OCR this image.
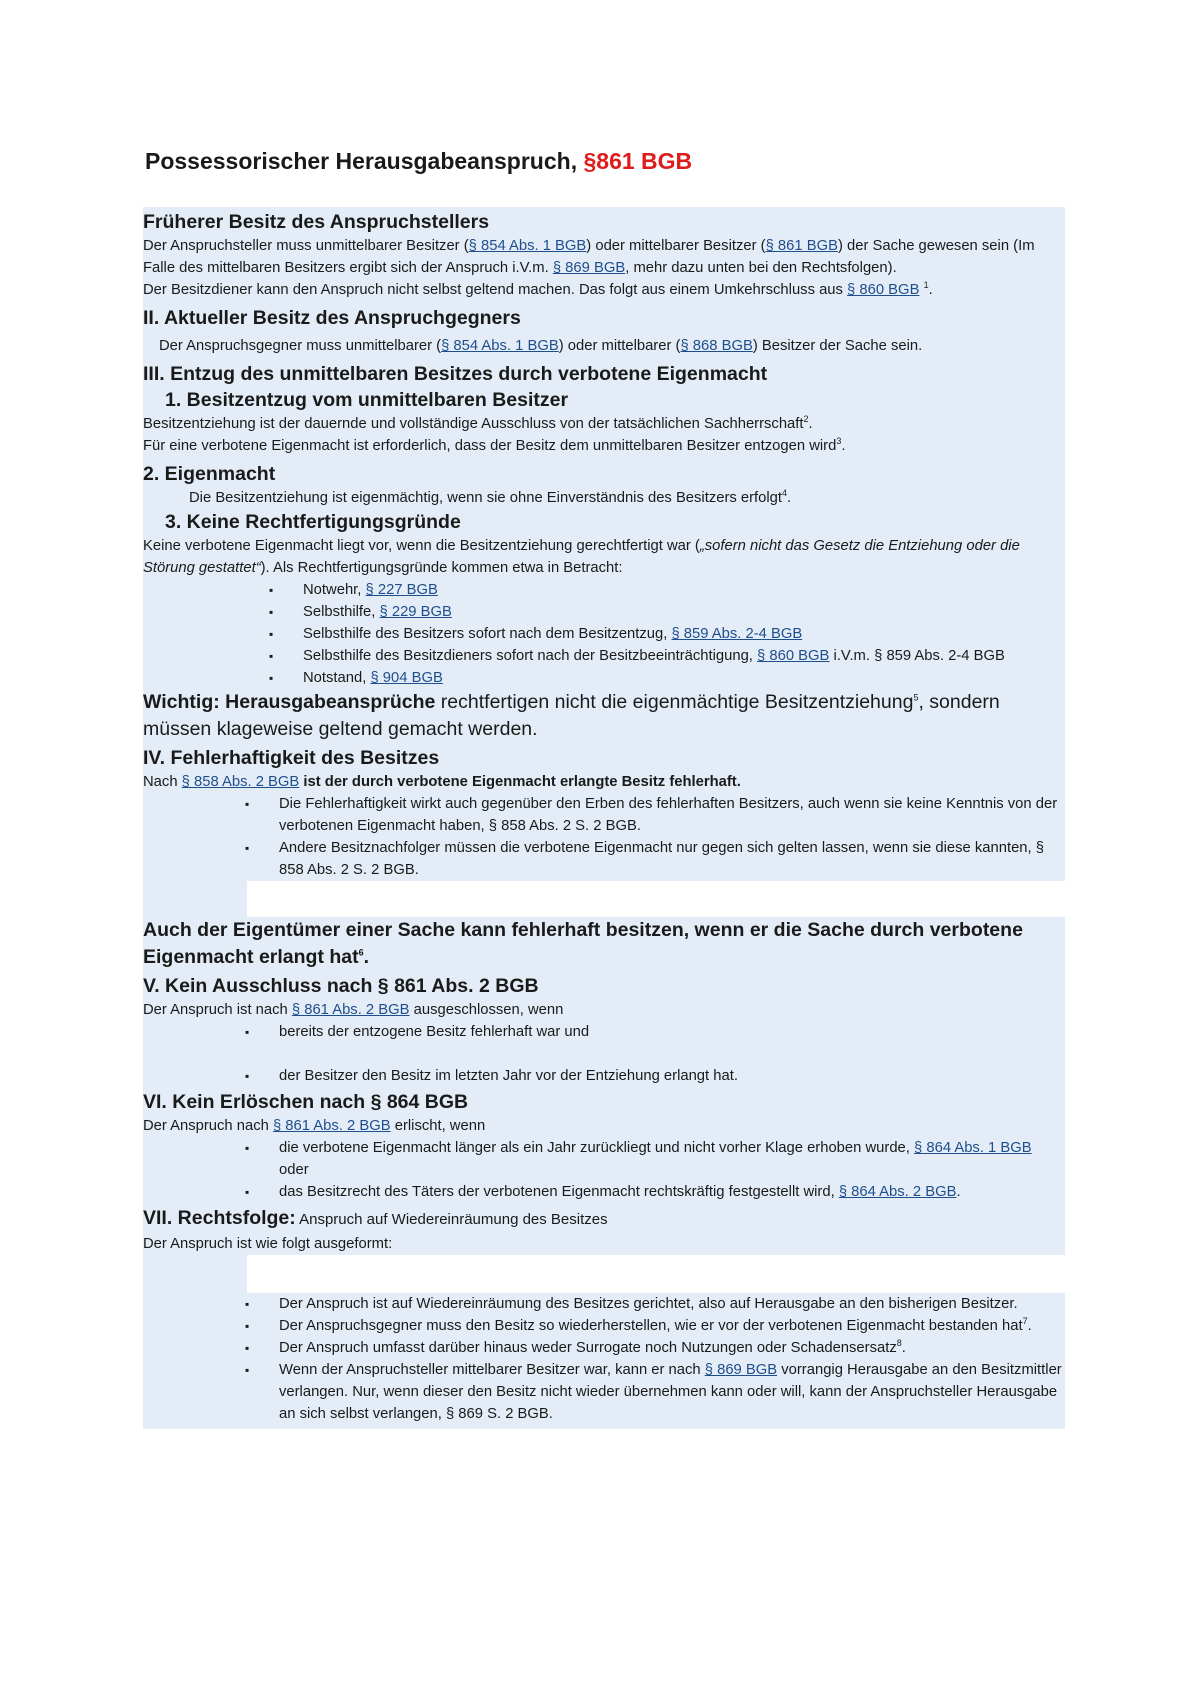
Possessorischer Herausgabeanspruch, §861 BGB
Früherer Besitz des Anspruchstellers

Der Anspruchsteller muss unmittelbarer Besitzer (§ 854 Abs. 1 BGB) oder mittelbarer Besitzer (§ 861 BGB) der Sache gewesen sein (Im Falle des mittelbaren Besitzers ergibt sich der Anspruch i.V.m. § 869 BGB, mehr dazu unten bei den Rechtsfolgen).

Der Besitzdiener kann den Anspruch nicht selbst geltend machen. Das folgt aus einem Umkehrschluss aus § 860 BGB $^1$.

II. Aktueller Besitz des Anspruchgegners

Der Anspruchsgegner muss unmittelbarer (§ 854 Abs. 1 BGB) oder mittelbarer (§ 868 BGB) Besitzer der Sache sein.

III. Entzug des unmittelbaren Besitzes durch verbotene Eigenmacht
1. Besitzentzug vom unmittelbaren Besitzer

Besitzentziehung ist der dauernde und vollständige Ausschluss von der tatsächlichen Sachherrschaft$^2$.

Für eine verbotene Eigenmacht ist erforderlich, dass der Besitz dem unmittelbaren Besitzer entzogen wird$^3$.

2. Eigenmacht

Die Besitzentziehung ist eigenmächtig, wenn sie ohne Einverständnis des Besitzers erfolgt$^4$.

3. Keine Rechtfertigungsgründe

Keine verbotene Eigenmacht liegt vor, wenn die Besitzentziehung gerechtfertigt war („sofern nicht das Gesetz die Entziehung oder die Störung gestattet“). Als Rechtfertigungsgründe kommen etwa in Betracht:

▪ Notwehr, § 227 BGB
▪ Selbsthilfe, § 229 BGB
▪ Selbsthilfe des Besitzers sofort nach dem Besitzentzug, § 859 Abs. 2-4 BGB
▪ Selbsthilfe des Besitzdieners sofort nach der Besitzbeeinträchtigung, § 860 BGB i.V.m. § 859 Abs. 2-4 BGB
▪ Notstand, § 904 BGB

Wichtig: Herausgabeansprüche rechtfertigen nicht die eigenmächtige Besitzentziehung$^5$, sondern müssen klageweise geltend gemacht werden.

IV. Fehlerhaftigkeit des Besitzes

Nach § 858 Abs. 2 BGB ist der durch verbotene Eigenmacht erlangte Besitz fehlerhaft.

▪ Die Fehlerhaftigkeit wirkt auch gegenüber den Erben des fehlerhaften Besitzers, auch wenn sie keine Kenntnis von der verbotenen Eigenmacht haben, § 858 Abs. 2 S. 2 BGB.
▪ Andere Besitznachfolger müssen die verbotene Eigenmacht nur gegen sich gelten lassen, wenn sie diese kannten, § 858 Abs. 2 S. 2 BGB.

Auch der Eigentümer einer Sache kann fehlerhaft besitzen, wenn er die Sache durch verbotene Eigenmacht erlangt hat$^6$.

V. Kein Ausschluss nach § 861 Abs. 2 BGB

Der Anspruch ist nach § 861 Abs. 2 BGB ausgeschlossen, wenn

▪ bereits der entzogene Besitz fehlerhaft war und
▪ der Besitzer den Besitz im letzten Jahr vor der Entziehung erlangt hat.
VI. Kein Erlöschen nach § 864 BGB

Der Anspruch nach § 861 Abs. 2 BGB erlischt, wenn

▪ die verbotene Eigenmacht länger als ein Jahr zurückliegt und nicht vorher Klage erhoben wurde, § 864 Abs. 1 BGB oder
▪ das Besitzrecht des Täters der verbotenen Eigenmacht rechtskräftig festgestellt wird, § 864 Abs. 2 BGB.
VII. Rechtsfolge: Anspruch auf Wiedereinräumung des Besitzes

Der Anspruch ist wie folgt ausgeformt:

▪ Der Anspruch ist auf Wiedereinräumung des Besitzes gerichtet, also auf Herausgabe an den bisherigen Besitzer.
▪ Der Anspruchsgegner muss den Besitz so wiederherstellen, wie er vor der verbotenen Eigenmacht bestanden hat$^7$.
▪ Der Anspruch umfasst darüber hinaus weder Surrogate noch Nutzungen oder Schadensersatz$^8$.
▪ Wenn der Anspruchsteller mittelbarer Besitzer war, kann er nach § 869 BGB vorrangig Herausgabe an den Besitzmittler verlangen. Nur, wenn dieser den Besitz nicht wieder übernehmen kann oder will, kann der Anspruchsteller Herausgabe an sich selbst verlangen, § 869 S. 2 BGB.
